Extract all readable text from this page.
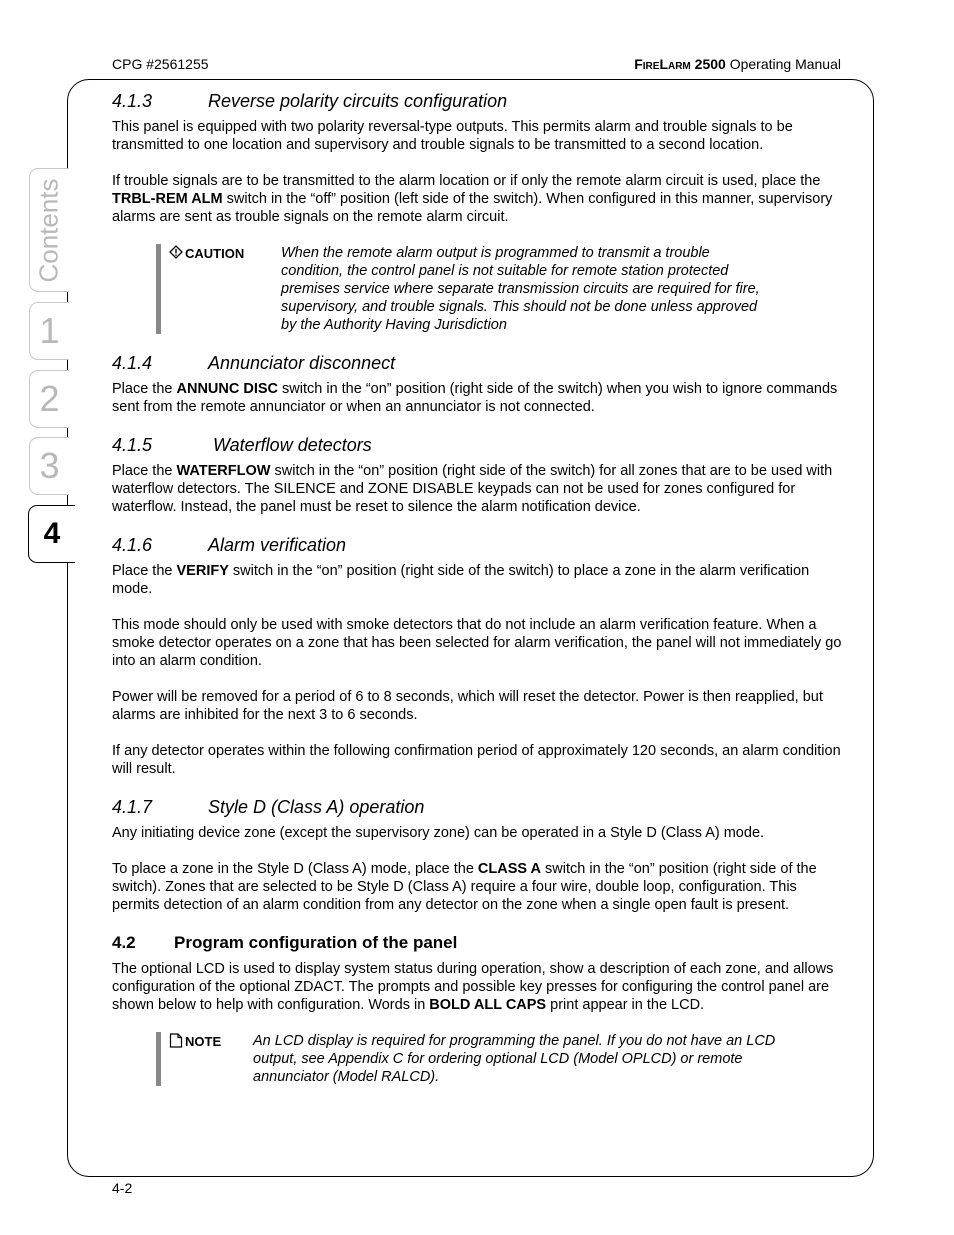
CPG #2561255	FireLarm 2500 Operating Manual
Contents
1
2
3
4
4.1.3	Reverse polarity circuits configuration

This panel is equipped with two polarity reversal-type outputs. This permits alarm and trouble signals to be transmitted to one location and supervisory and trouble signals to be transmitted to a second location.

If trouble signals are to be transmitted to the alarm location or if only the remote alarm circuit is used, place the TRBL-REM ALM switch in the “off” position (left side of the switch). When configured in this manner, supervisory alarms are sent as trouble signals on the remote alarm circuit.

CAUTION	When the remote alarm output is programmed to transmit a trouble condition, the control panel is not suitable for remote station protected premises service where separate transmission circuits are required for fire, supervisory, and trouble signals. This should not be done unless approved by the Authority Having Jurisdiction
4.1.4	Annunciator disconnect

Place the ANNUNC DISC switch in the “on” position (right side of the switch) when you wish to ignore commands sent from the remote annunciator or when an annunciator is not connected.

4.1.5	Waterflow detectors

Place the WATERFLOW switch in the “on” position (right side of the switch) for all zones that are to be used with waterflow detectors. The SILENCE and ZONE DISABLE keypads can not be used for zones configured for waterflow. Instead, the panel must be reset to silence the alarm notification device.

4.1.6	Alarm verification

Place the VERIFY switch in the “on” position (right side of the switch) to place a zone in the alarm verification mode.

This mode should only be used with smoke detectors that do not include an alarm verification feature. When a smoke detector operates on a zone that has been selected for alarm verification, the panel will not immediately go into an alarm condition.

Power will be removed for a period of 6 to 8 seconds, which will reset the detector. Power is then reapplied, but alarms are inhibited for the next 3 to 6 seconds.

If any detector operates within the following confirmation period of approximately 120 seconds, an alarm condition will result.

4.1.7	Style D (Class A) operation

Any initiating device zone (except the supervisory zone) can be operated in a Style D (Class A) mode.

To place a zone in the Style D (Class A) mode, place the CLASS A switch in the “on” position (right side of the switch). Zones that are selected to be Style D (Class A) require a four wire, double loop, configuration. This permits detection of an alarm condition from any detector on the zone when a single open fault is present.

4.2	Program configuration of the panel

The optional LCD is used to display system status during operation, show a description of each zone, and allows configuration of the optional ZDACT. The prompts and possible key presses for configuring the control panel are shown below to help with configuration. Words in BOLD ALL CAPS print appear in the LCD.

NOTE An LCD display is required for programming the panel. If you do not have an LCD output, see Appendix C for ordering optional LCD (Model OPLCD) or remote annunciator (Model RALCD).
4-2
